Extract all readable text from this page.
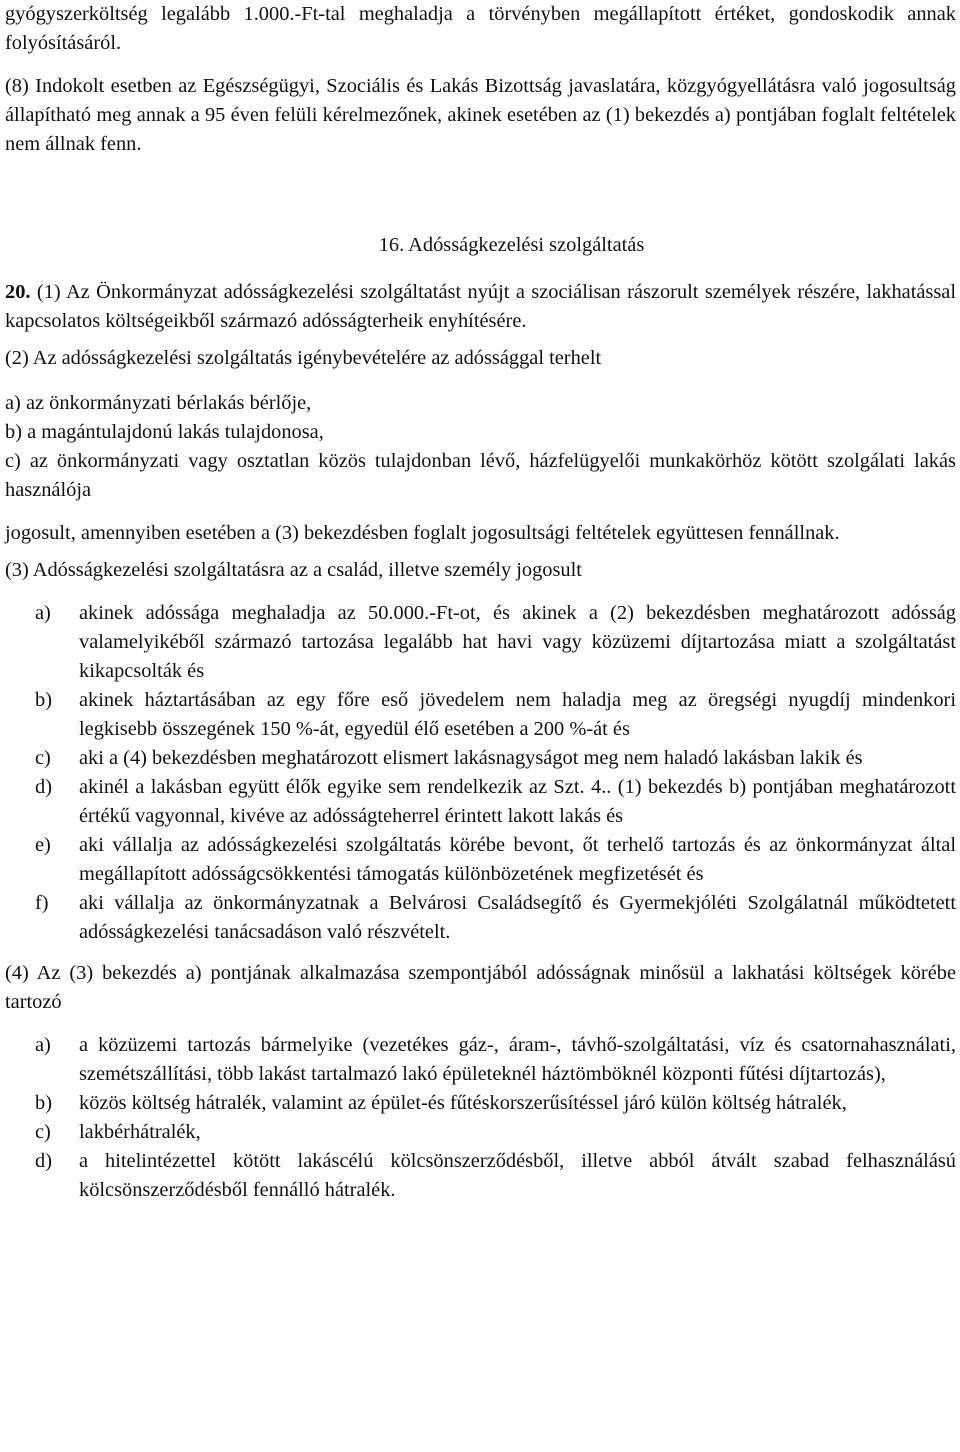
gyógyszerköltség legalább 1.000.-Ft-tal meghaladja a törvényben megállapított értéket, gondoskodik annak folyósításáról.

(8) Indokolt esetben az Egészségügyi, Szociális és Lakás Bizottság javaslatára, közgyógyellátásra való jogosultság állapítható meg annak a 95 éven felüli kérelmezőnek, akinek esetében az (1) bekezdés a) pontjában foglalt feltételek nem állnak fenn.

16. Adósságkezelési szolgáltatás

20. (1) Az Önkormányzat adósságkezelési szolgáltatást nyújt a szociálisan rászorult személyek részére, lakhatással kapcsolatos költségeikből származó adósságterheik enyhítésére.

(2) Az adósságkezelési szolgáltatás igénybevételére az adóssággal terhelt

a) az önkormányzati bérlakás bérlője,
b) a magántulajdonú lakás tulajdonosa,
c) az önkormányzati vagy osztatlan közös tulajdonban lévő, házfelügyelői munkakörhöz kötött szolgálati lakás használója

jogosult, amennyiben esetében a (3) bekezdésben foglalt jogosultsági feltételek együttesen fennállnak.

(3) Adósságkezelési szolgáltatásra az a család, illetve személy jogosult

a)	akinek adóssága meghaladja az 50.000.-Ft-ot, és akinek a (2) bekezdésben meghatározott adósság valamelyikéből származó tartozása legalább hat havi vagy közüzemi díjtartozása miatt a szolgáltatást kikapcsolták és
b)	akinek háztartásában az egy főre eső jövedelem nem haladja meg az öregségi nyugdíj mindenkori legkisebb összegének 150 %-át, egyedül élő esetében a 200 %-át és
c)	aki a (4) bekezdésben meghatározott elismert lakásnagyságot meg nem haladó lakásban lakik és
d)	akinél a lakásban együtt élők egyike sem rendelkezik az Szt. 4.. (1) bekezdés b) pontjában meghatározott értékű vagyonnal, kivéve az adósságteherrel érintett lakott lakás és
e)	aki vállalja az adósságkezelési szolgáltatás körébe bevont, őt terhelő tartozás és az önkormányzat által megállapított adósságcsökkentési támogatás különbözetének megfizetését és
f)	aki vállalja az önkormányzatnak a Belvárosi Családsegítő és Gyermekjóléti Szolgálatnál működtetett adósságkezelési tanácsadáson való részvételt.

(4) Az (3) bekezdés a) pontjának alkalmazása szempontjából adósságnak minősül a lakhatási költségek körébe tartozó

a)	a közüzemi tartozás bármelyike (vezetékes gáz-, áram-, távhő-szolgáltatási, víz és csatornahasználati, szemétszállítási, több lakást tartalmazó lakó épületeknél háztömböknél központi fűtési díjtartozás),
b)	közös költség hátralék, valamint az épület-és fűtéskorszerűsítéssel járó külön költség hátralék,
c)	lakbérhátralék,
d)	a hitelintézettel kötött lakáscélú kölcsönszerződésből, illetve abból átvált szabad felhasználású kölcsönszerződésből fennálló hátralék.
